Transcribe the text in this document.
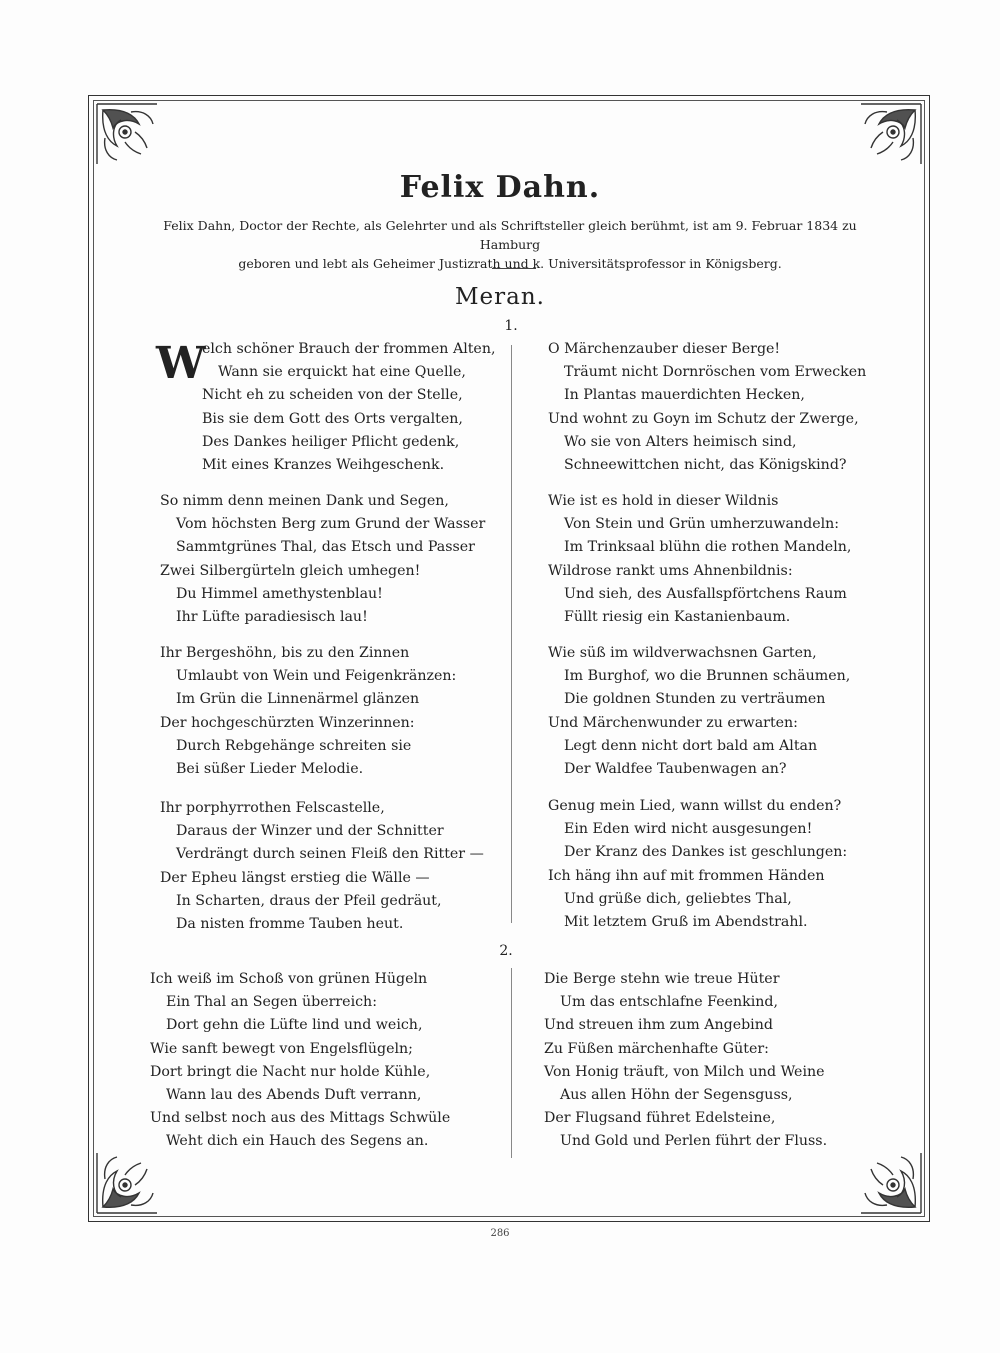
Felix Dahn.
Felix Dahn, Doctor der Rechte, als Gelehrter und als Schriftsteller gleich berühmt, ist am 9. Februar 1834 zu Hamburg
geboren und lebt als Geheimer Justizrath und k. Universitätsprofessor in Königsberg.
Meran.
1.
2.
W
elch schöner Brauch der frommen Alten,
Wann sie erquickt hat eine Quelle,
Nicht eh zu scheiden von der Stelle,
Bis sie dem Gott des Orts vergalten,
Des Dankes heiliger Pflicht gedenk,
Mit eines Kranzes Weihgeschenk.
So nimm denn meinen Dank und Segen,
Vom höchsten Berg zum Grund der Wasser
Sammtgrünes Thal, das Etsch und Passer
Zwei Silbergürteln gleich umhegen!
Du Himmel amethystenblau!
Ihr Lüfte paradiesisch lau!
Ihr Bergeshöhn, bis zu den Zinnen
Umlaubt von Wein und Feigenkränzen:
Im Grün die Linnenärmel glänzen
Der hochgeschürzten Winzerinnen:
Durch Rebgehänge schreiten sie
Bei süßer Lieder Melodie.
Ihr porphyrrothen Felscastelle,
Daraus der Winzer und der Schnitter
Verdrängt durch seinen Fleiß den Ritter —
Der Epheu längst erstieg die Wälle —
In Scharten, draus der Pfeil gedräut,
Da nisten fromme Tauben heut.
O Märchenzauber dieser Berge!
Träumt nicht Dornröschen vom Erwecken
In Plantas mauerdichten Hecken,
Und wohnt zu Goyn im Schutz der Zwerge,
Wo sie von Alters heimisch sind,
Schneewittchen nicht, das Königskind?
Wie ist es hold in dieser Wildnis
Von Stein und Grün umherzuwandeln:
Im Trinksaal blühn die rothen Mandeln,
Wildrose rankt ums Ahnenbildnis:
Und sieh, des Ausfallspförtchens Raum
Füllt riesig ein Kastanienbaum.
Wie süß im wildverwachsnen Garten,
Im Burghof, wo die Brunnen schäumen,
Die goldnen Stunden zu verträumen
Und Märchenwunder zu erwarten:
Legt denn nicht dort bald am Altan
Der Waldfee Taubenwagen an?
Genug mein Lied, wann willst du enden?
Ein Eden wird nicht ausgesungen!
Der Kranz des Dankes ist geschlungen:
Ich häng ihn auf mit frommen Händen
Und grüße dich, geliebtes Thal,
Mit letztem Gruß im Abendstrahl.
Ich weiß im Schoß von grünen Hügeln
Ein Thal an Segen überreich:
Dort gehn die Lüfte lind und weich,
Wie sanft bewegt von Engelsflügeln;
Dort bringt die Nacht nur holde Kühle,
Wann lau des Abends Duft verrann,
Und selbst noch aus des Mittags Schwüle
Weht dich ein Hauch des Segens an.
Die Berge stehn wie treue Hüter
Um das entschlafne Feenkind,
Und streuen ihm zum Angebind
Zu Füßen märchenhafte Güter:
Von Honig träuft, von Milch und Weine
Aus allen Höhn der Segensguss,
Der Flugsand führet Edelsteine,
Und Gold und Perlen führt der Fluss.
286
